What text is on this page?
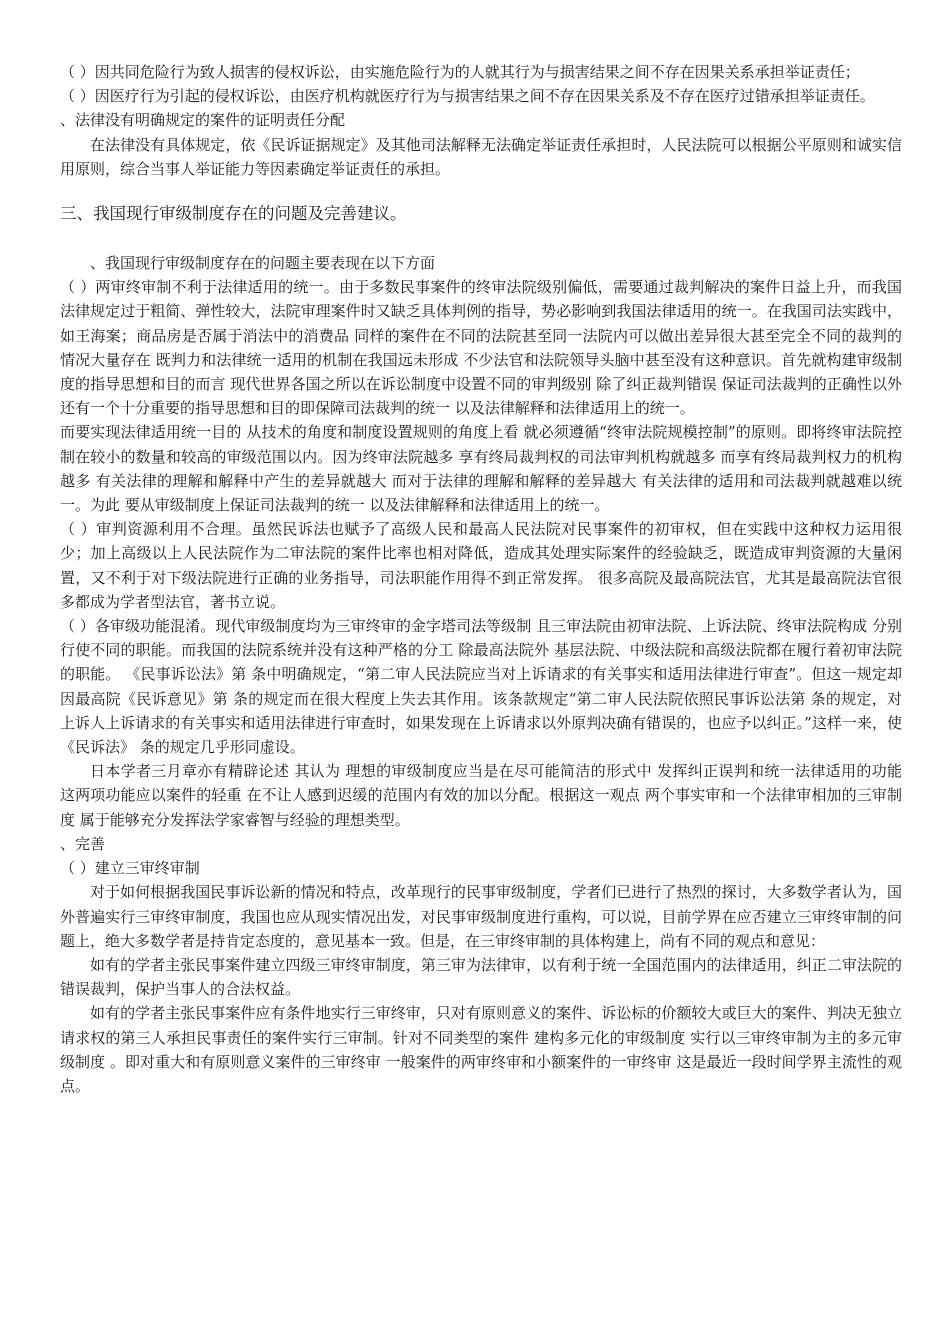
（ ）因共同危险行为致人损害的侵权诉讼，由实施危险行为的人就其行为与损害结果之间不存在因果关系承担举证责任；

（ ）因医疗行为引起的侵权诉讼，由医疗机构就医疗行为与损害结果之间不存在因果关系及不存在医疗过错承担举证责任。

、法律没有明确规定的案件的证明责任分配

在法律没有具体规定，依《民诉证据规定》及其他司法解释无法确定举证责任承担时，人民法院可以根据公平原则和诚实信用原则，综合当事人举证能力等因素确定举证责任的承担。

三、我国现行审级制度存在的问题及完善建议。

、我国现行审级制度存在的问题主要表现在以下方面

（ ）两审终审制不利于法律适用的统一。由于多数民事案件的终审法院级别偏低，需要通过裁判解决的案件日益上升，而我国法律规定过于粗简、弹性较大，法院审理案件时又缺乏具体判例的指导，势必影响到我国法律适用的统一。在我国司法实践中， 如王海案；商品房是否属于消法中的消费品 同样的案件在不同的法院甚至同一法院内可以做出差异很大甚至完全不同的裁判的情况大量存在 既判力和法律统一适用的机制在我国远未形成 不少法官和法院领导头脑中甚至没有这种意识。首先就构建审级制度的指导思想和目的而言 现代世界各国之所以在诉讼制度中设置不同的审判级别 除了纠正裁判错误 保证司法裁判的正确性以外 还有一个十分重要的指导思想和目的即保障司法裁判的统一 以及法律解释和法律适用上的统一。

而要实现法律适用统一目的 从技术的角度和制度设置规则的角度上看 就必须遵循“终审法院规模控制”的原则。即将终审法院控制在较小的数量和较高的审级范围以内。因为终审法院越多 享有终局裁判权的司法审判机构就越多 而享有终局裁判权力的机构越多 有关法律的理解和解释中产生的差异就越大 而对于法律的理解和解释的差异越大 有关法律的适用和司法裁判就越难以统一。为此 要从审级制度上保证司法裁判的统一 以及法律解释和法律适用上的统一。

（ ）审判资源利用不合理。虽然民诉法也赋予了高级人民和最高人民法院对民事案件的初审权，但在实践中这种权力运用很少；加上高级以上人民法院作为二审法院的案件比率也相对降低，造成其处理实际案件的经验缺乏，既造成审判资源的大量闲置，又不利于对下级法院进行正确的业务指导，司法职能作用得不到正常发挥。 很多高院及最高院法官，尤其是最高院法官很多都成为学者型法官，著书立说。

（ ）各审级功能混淆。现代审级制度均为三审终审的金字塔司法等级制 且三审法院由初审法院、上诉法院、终审法院构成 分别行使不同的职能。而我国的法院系统并没有这种严格的分工 除最高法院外 基层法院、中级法院和高级法院都在履行着初审法院的职能。 《民事诉讼法》第 条中明确规定，“第二审人民法院应当对上诉请求的有关事实和适用法律进行审查”。但这一规定却因最高院《民诉意见》第 条的规定而在很大程度上失去其作用。该条款规定“第二审人民法院依照民事诉讼法第 条的规定，对上诉人上诉请求的有关事实和适用法律进行审查时，如果发现在上诉请求以外原判决确有错误的，也应予以纠正。”这样一来，使《民诉法》 条的规定几乎形同虚设。

日本学者三月章亦有精辟论述 其认为 理想的审级制度应当是在尽可能简洁的形式中 发挥纠正误判和统一法律适用的功能 这两项功能应以案件的轻重 在不让人感到迟缓的范围内有效的加以分配。根据这一观点 两个事实审和一个法律审相加的三审制度 属于能够充分发挥法学家睿智与经验的理想类型。

、完善

（ ）建立三审终审制

对于如何根据我国民事诉讼新的情况和特点，改革现行的民事审级制度，学者们已进行了热烈的探讨，大多数学者认为，国外普遍实行三审终审制度，我国也应从现实情况出发，对民事审级制度进行重构，可以说，目前学界在应否建立三审终审制的问题上，绝大多数学者是持肯定态度的，意见基本一致。但是，在三审终审制的具体构建上，尚有不同的观点和意见：

如有的学者主张民事案件建立四级三审终审制度，第三审为法律审，以有利于统一全国范围内的法律适用，纠正二审法院的错误裁判，保护当事人的合法权益。

如有的学者主张民事案件应有条件地实行三审终审，只对有原则意义的案件、诉讼标的价额较大或巨大的案件、判决无独立请求权的第三人承担民事责任的案件实行三审制。针对不同类型的案件 建构多元化的审级制度 实行以三审终审制为主的多元审级制度 。即对重大和有原则意义案件的三审终审 一般案件的两审终审和小额案件的一审终审 这是最近一段时间学界主流性的观点。
